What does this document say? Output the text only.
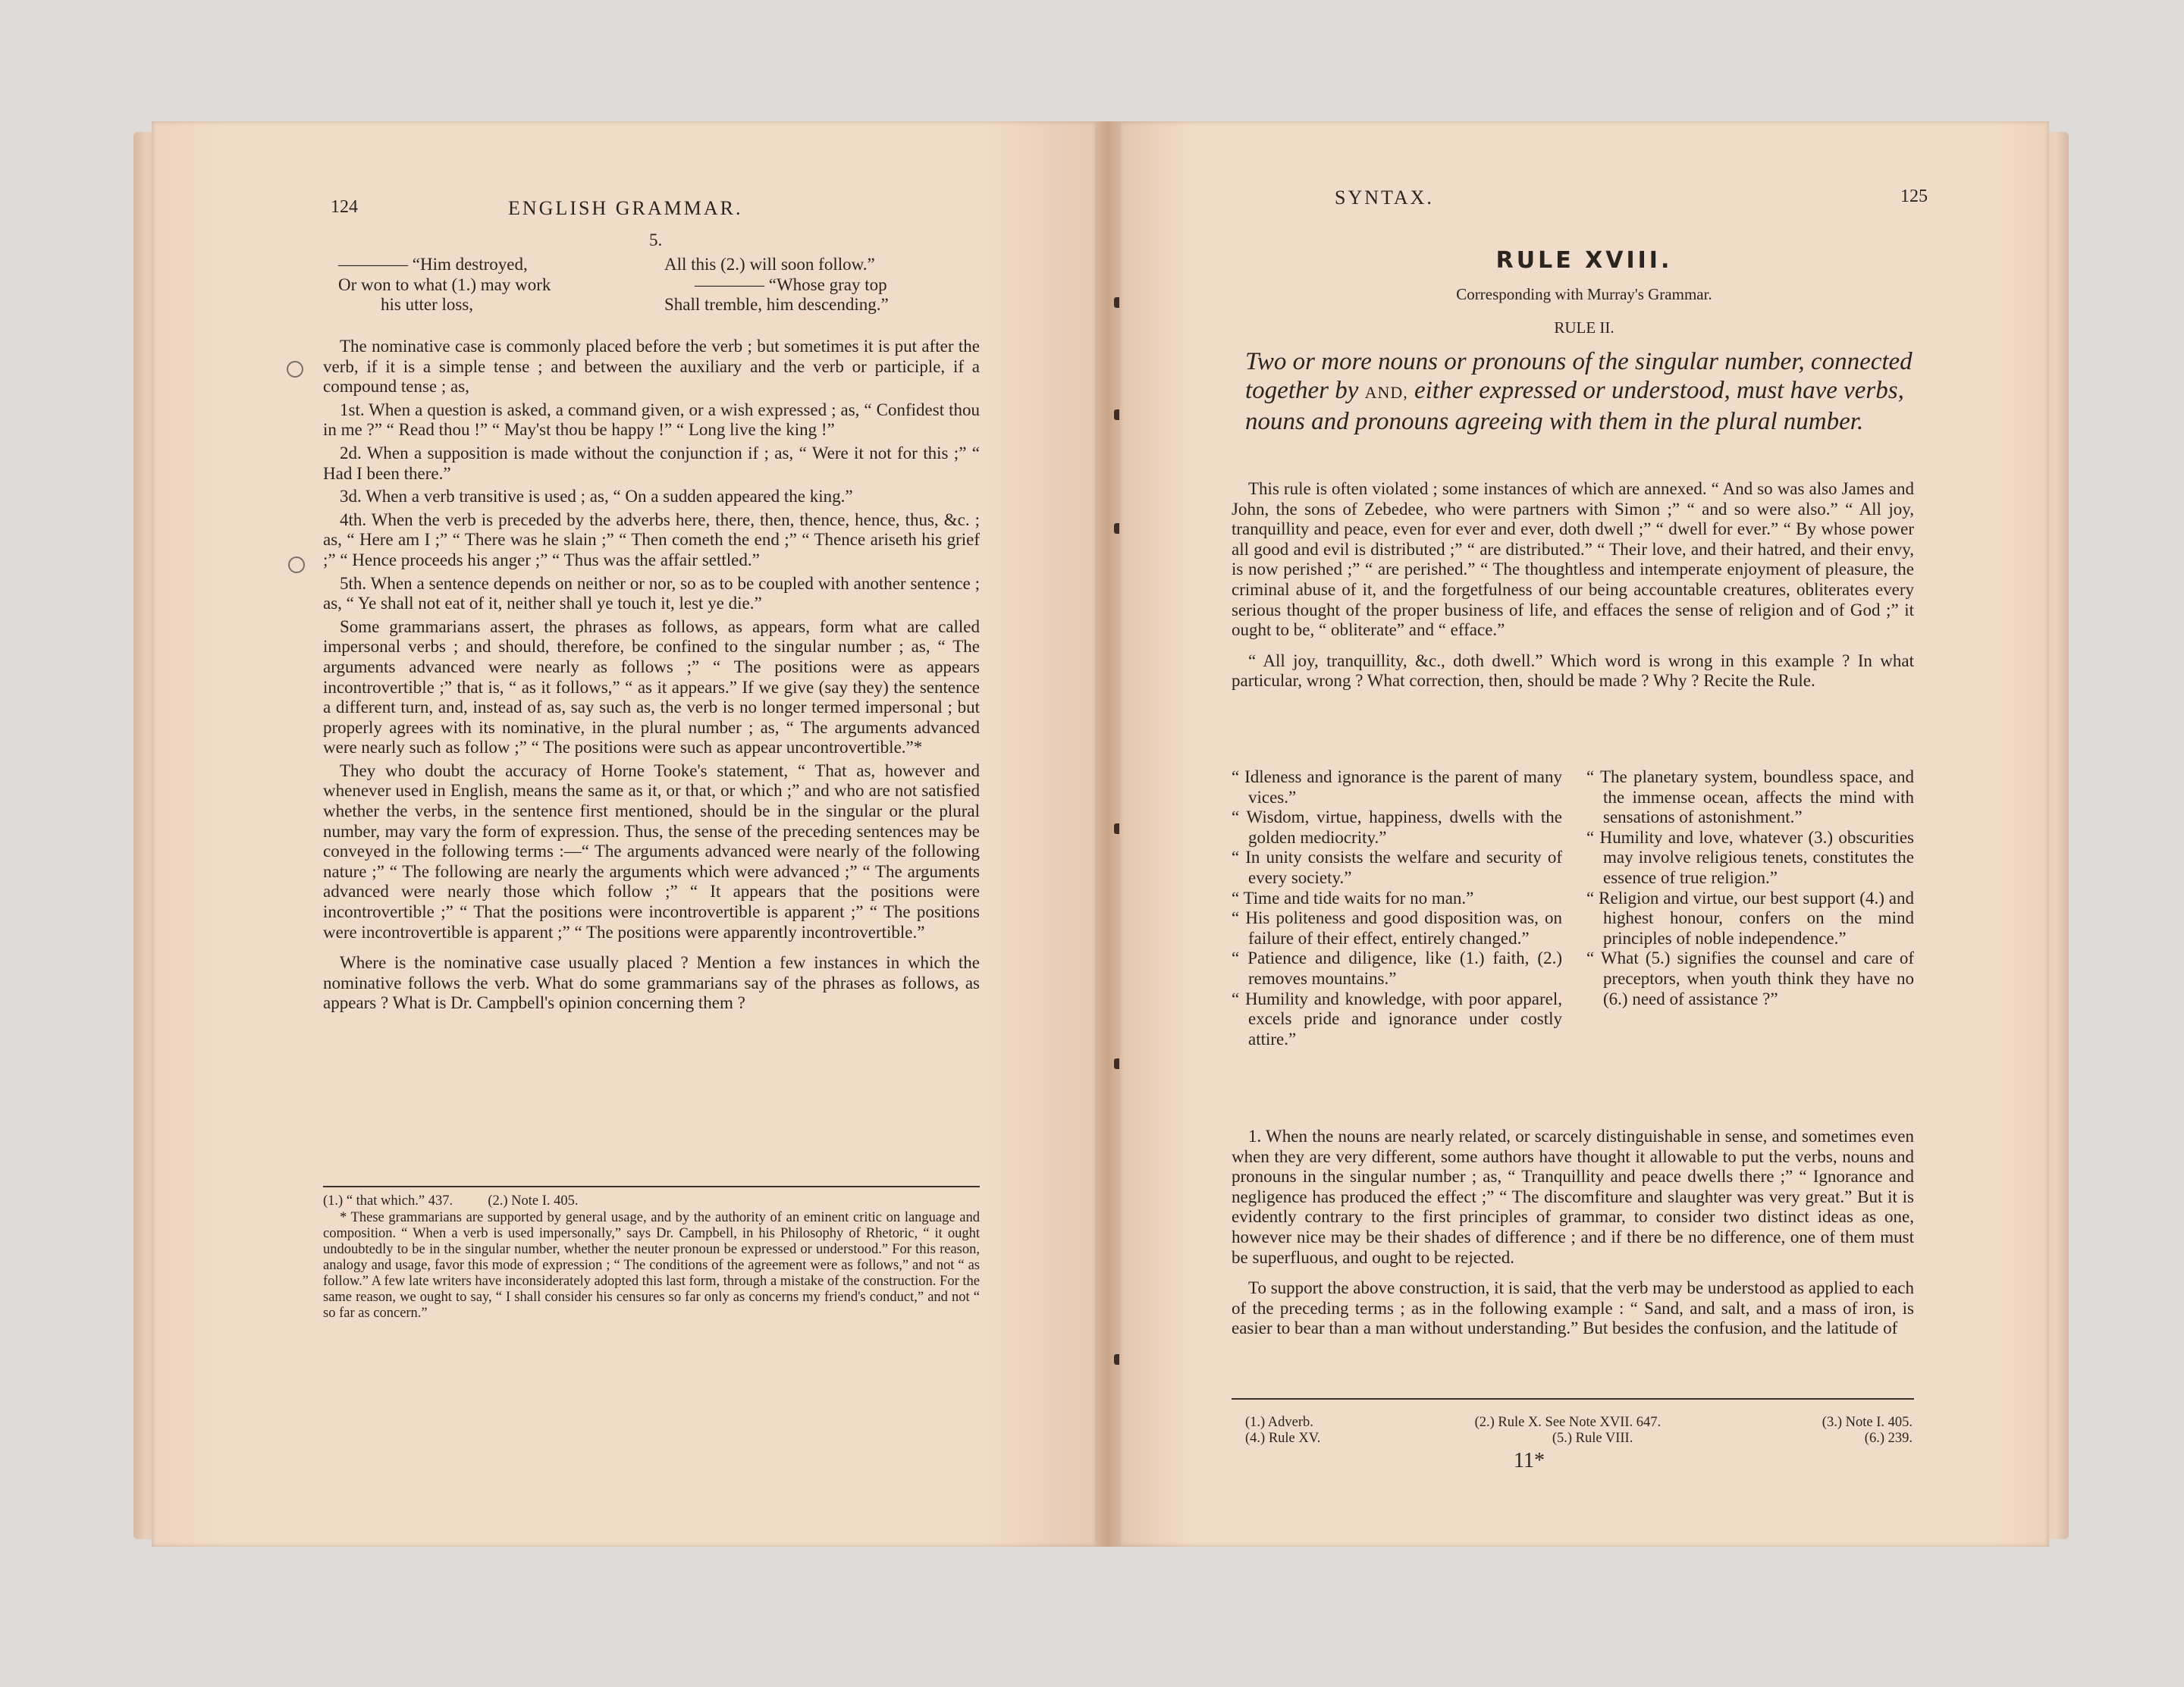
124	ENGLISH GRAMMAR.
5.
———— “Him destroyed,
Or won to what (1.) may work
his utter loss,
All this (2.) will soon follow.”
———— “Whose gray top
Shall tremble, him descending.”

The nominative case is commonly placed before the verb ; but sometimes it is put after the verb, if it is a simple tense ; and between the auxiliary and the verb or participle, if a compound tense ; as,

1st. When a question is asked, a command given, or a wish expressed ; as, “ Confidest thou in me ?” “ Read thou !” “ May'st thou be happy !” “ Long live the king !”

2d. When a supposition is made without the conjunction if ; as, “ Were it not for this ;” “ Had I been there.”

3d. When a verb transitive is used ; as, “ On a sudden appeared the king.”

4th. When the verb is preceded by the adverbs here, there, then, thence, hence, thus, &c. ; as, “ Here am I ;” “ There was he slain ;” “ Then cometh the end ;” “ Thence ariseth his grief ;” “ Hence proceeds his anger ;” “ Thus was the affair settled.”

5th. When a sentence depends on neither or nor, so as to be coupled with another sentence ; as, “ Ye shall not eat of it, neither shall ye touch it, lest ye die.”

Some grammarians assert, the phrases as follows, as appears, form what are called impersonal verbs ; and should, therefore, be confined to the singular number ; as, “ The arguments advanced were nearly as follows ;” “ The positions were as appears incontrovertible ;” that is, “ as it follows,” “ as it appears.” If we give (say they) the sentence a different turn, and, instead of as, say such as, the verb is no longer termed impersonal ; but properly agrees with its nominative, in the plural number ; as, “ The arguments advanced were nearly such as follow ;” “ The positions were such as appear uncontrovertible.”*

They who doubt the accuracy of Horne Tooke's statement, “ That as, however and whenever used in English, means the same as it, or that, or which ;” and who are not satisfied whether the verbs, in the sentence first mentioned, should be in the singular or the plural number, may vary the form of expression. Thus, the sense of the preceding sentences may be conveyed in the following terms :—“ The arguments advanced were nearly of the following nature ;” “ The following are nearly the arguments which were advanced ;” “ The arguments advanced were nearly those which follow ;” “ It appears that the positions were incontrovertible ;” “ That the positions were incontrovertible is apparent ;” “ The positions were incontrovertible is apparent ;” “ The positions were apparently incontrovertible.”

Where is the nominative case usually placed ? Mention a few instances in which the nominative follows the verb. What do some grammarians say of the phrases as follows, as appears ? What is Dr. Campbell's opinion concerning them ?

(1.) “ that which.” 437.          (2.) Note I. 405.

* These grammarians are supported by general usage, and by the authority of an eminent critic on language and composition. “ When a verb is used impersonally,” says Dr. Campbell, in his Philosophy of Rhetoric, “ it ought undoubtedly to be in the singular number, whether the neuter pronoun be expressed or understood.” For this reason, analogy and usage, favor this mode of expression ; “ The conditions of the agreement were as follows,” and not “ as follow.” A few late writers have inconsiderately adopted this last form, through a mistake of the construction. For the same reason, we ought to say, “ I shall consider his censures so far only as concerns my friend's conduct,” and not “ so far as concern.”

SYNTAX.	125
RULE XVIII.
Corresponding with Murray's Grammar.
RULE II.
Two or more nouns or pronouns of the singular number, connected together by AND, either expressed or understood, must have verbs, nouns and pronouns agreeing with them in the plural number.

This rule is often violated ; some instances of which are annexed. “ And so was also James and John, the sons of Zebedee, who were partners with Simon ;” “ and so were also.” “ All joy, tranquillity and peace, even for ever and ever, doth dwell ;” “ dwell for ever.” “ By whose power all good and evil is distributed ;” “ are distributed.” “ Their love, and their hatred, and their envy, is now perished ;” “ are perished.” “ The thoughtless and intemperate enjoyment of pleasure, the criminal abuse of it, and the forgetfulness of our being accountable creatures, obliterates every serious thought of the proper business of life, and effaces the sense of religion and of God ;” it ought to be, “ obliterate” and “ efface.”

“ All joy, tranquillity, &c., doth dwell.” Which word is wrong in this example ? In what particular, wrong ? What correction, then, should be made ? Why ? Recite the Rule.

“ Idleness and ignorance is the parent of many vices.”

“ Wisdom, virtue, happiness, dwells with the golden mediocrity.”

“ In unity consists the welfare and security of every society.”

“ Time and tide waits for no man.”

“ His politeness and good disposition was, on failure of their effect, entirely changed.”

“ Patience and diligence, like (1.) faith, (2.) removes mountains.”

“ Humility and knowledge, with poor apparel, excels pride and ignorance under costly attire.”

“ The planetary system, boundless space, and the immense ocean, affects the mind with sensations of astonishment.”

“ Humility and love, whatever (3.) obscurities may involve religious tenets, constitutes the essence of true religion.”

“ Religion and virtue, our best support (4.) and highest honour, confers on the mind principles of noble independence.”

“ What (5.) signifies the counsel and care of preceptors, when youth think they have no (6.) need of assistance ?”

1. When the nouns are nearly related, or scarcely distinguishable in sense, and sometimes even when they are very different, some authors have thought it allowable to put the verbs, nouns and pronouns in the singular number ; as, “ Tranquillity and peace dwells there ;” “ Ignorance and negligence has produced the effect ;” “ The discomfiture and slaughter was very great.” But it is evidently contrary to the first principles of grammar, to consider two distinct ideas as one, however nice may be their shades of difference ; and if there be no difference, one of them must be superfluous, and ought to be rejected.

To support the above construction, it is said, that the verb may be understood as applied to each of the preceding terms ; as in the following example : “ Sand, and salt, and a mass of iron, is easier to bear than a man without understanding.” But besides the confusion, and the latitude of

(1.) Adverb.	(2.) Rule X. See Note XVII. 647.	(3.) Note I. 405.
(4.) Rule XV.	(5.) Rule VIII.	(6.) 239.
11*
